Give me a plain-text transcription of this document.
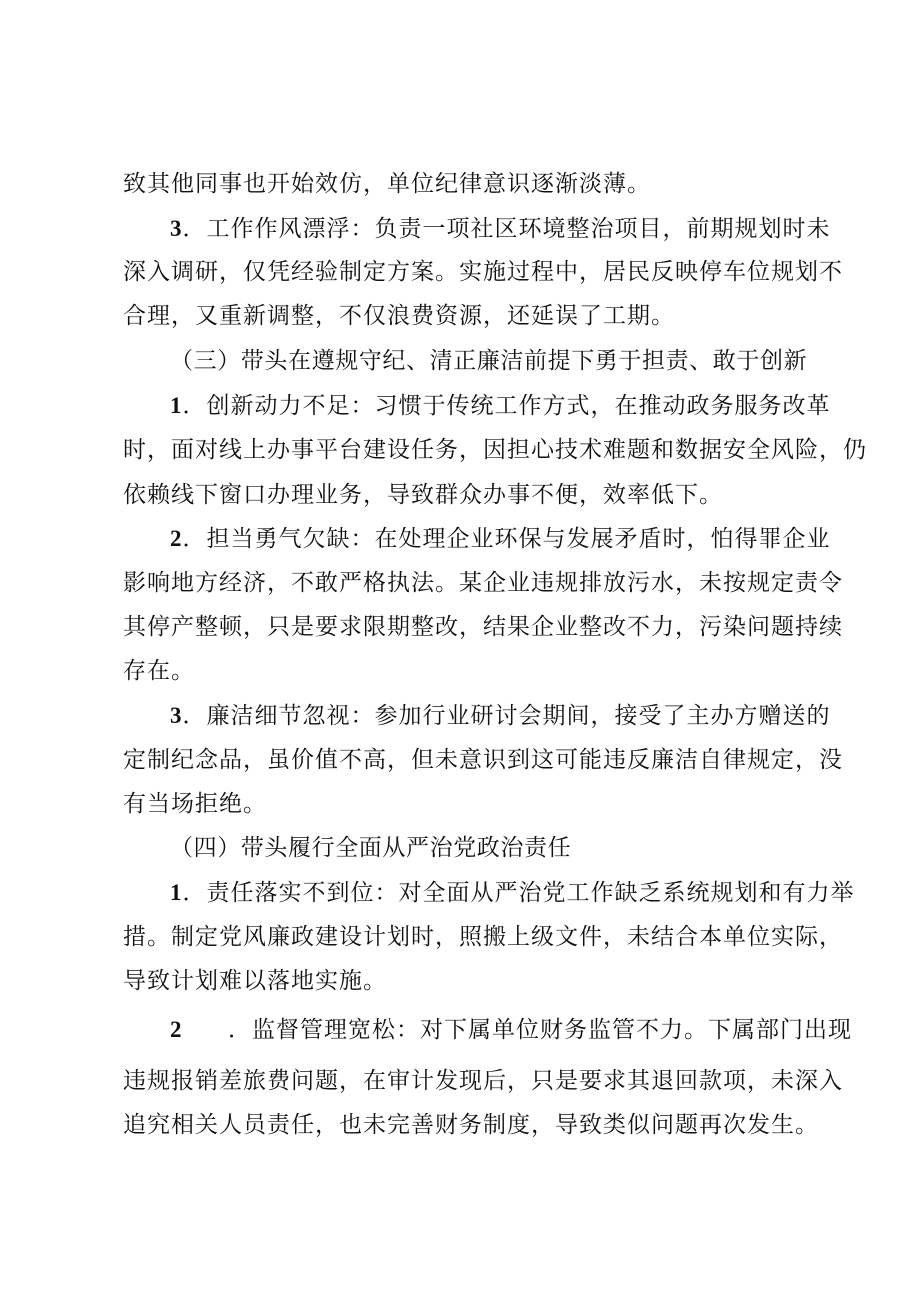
致其他同事也开始效仿，单位纪律意识逐渐淡薄。
3．工作作风漂浮：负责一项社区环境整治项目，前期规划时未
深入调研，仅凭经验制定方案。实施过程中，居民反映停车位规划不
合理，又重新调整，不仅浪费资源，还延误了工期。
（三）带头在遵规守纪、清正廉洁前提下勇于担责、敢于创新
1．创新动力不足：习惯于传统工作方式，在推动政务服务改革
时，面对线上办事平台建设任务，因担心技术难题和数据安全风险，仍
依赖线下窗口办理业务，导致群众办事不便，效率低下。
2．担当勇气欠缺：在处理企业环保与发展矛盾时，怕得罪企业
影响地方经济，不敢严格执法。某企业违规排放污水，未按规定责令
其停产整顿，只是要求限期整改，结果企业整改不力，污染问题持续
存在。
3．廉洁细节忽视：参加行业研讨会期间，接受了主办方赠送的
定制纪念品，虽价值不高，但未意识到这可能违反廉洁自律规定，没
有当场拒绝。
（四）带头履行全面从严治党政治责任
1．责任落实不到位：对全面从严治党工作缺乏系统规划和有力举
措。制定党风廉政建设计划时，照搬上级文件，未结合本单位实际，
导致计划难以落地实施。
2 ．监督管理宽松：对下属单位财务监管不力。下属部门出现
违规报销差旅费问题，在审计发现后，只是要求其退回款项，未深入
追究相关人员责任，也未完善财务制度，导致类似问题再次发生。
